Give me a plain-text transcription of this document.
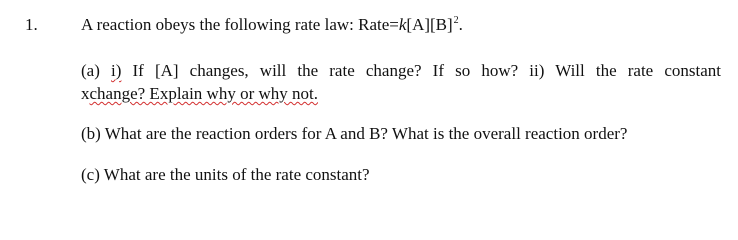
1.	A reaction obeys the following rate law: $Rate=k[A][B]^2$.
(a) i) If [A] changes, will the rate change? If so how? ii) Will the rate constant
xchange? Explain why or why not.
(b) What are the reaction orders for A and B? What is the overall reaction order?
(c) What are the units of the rate constant?
